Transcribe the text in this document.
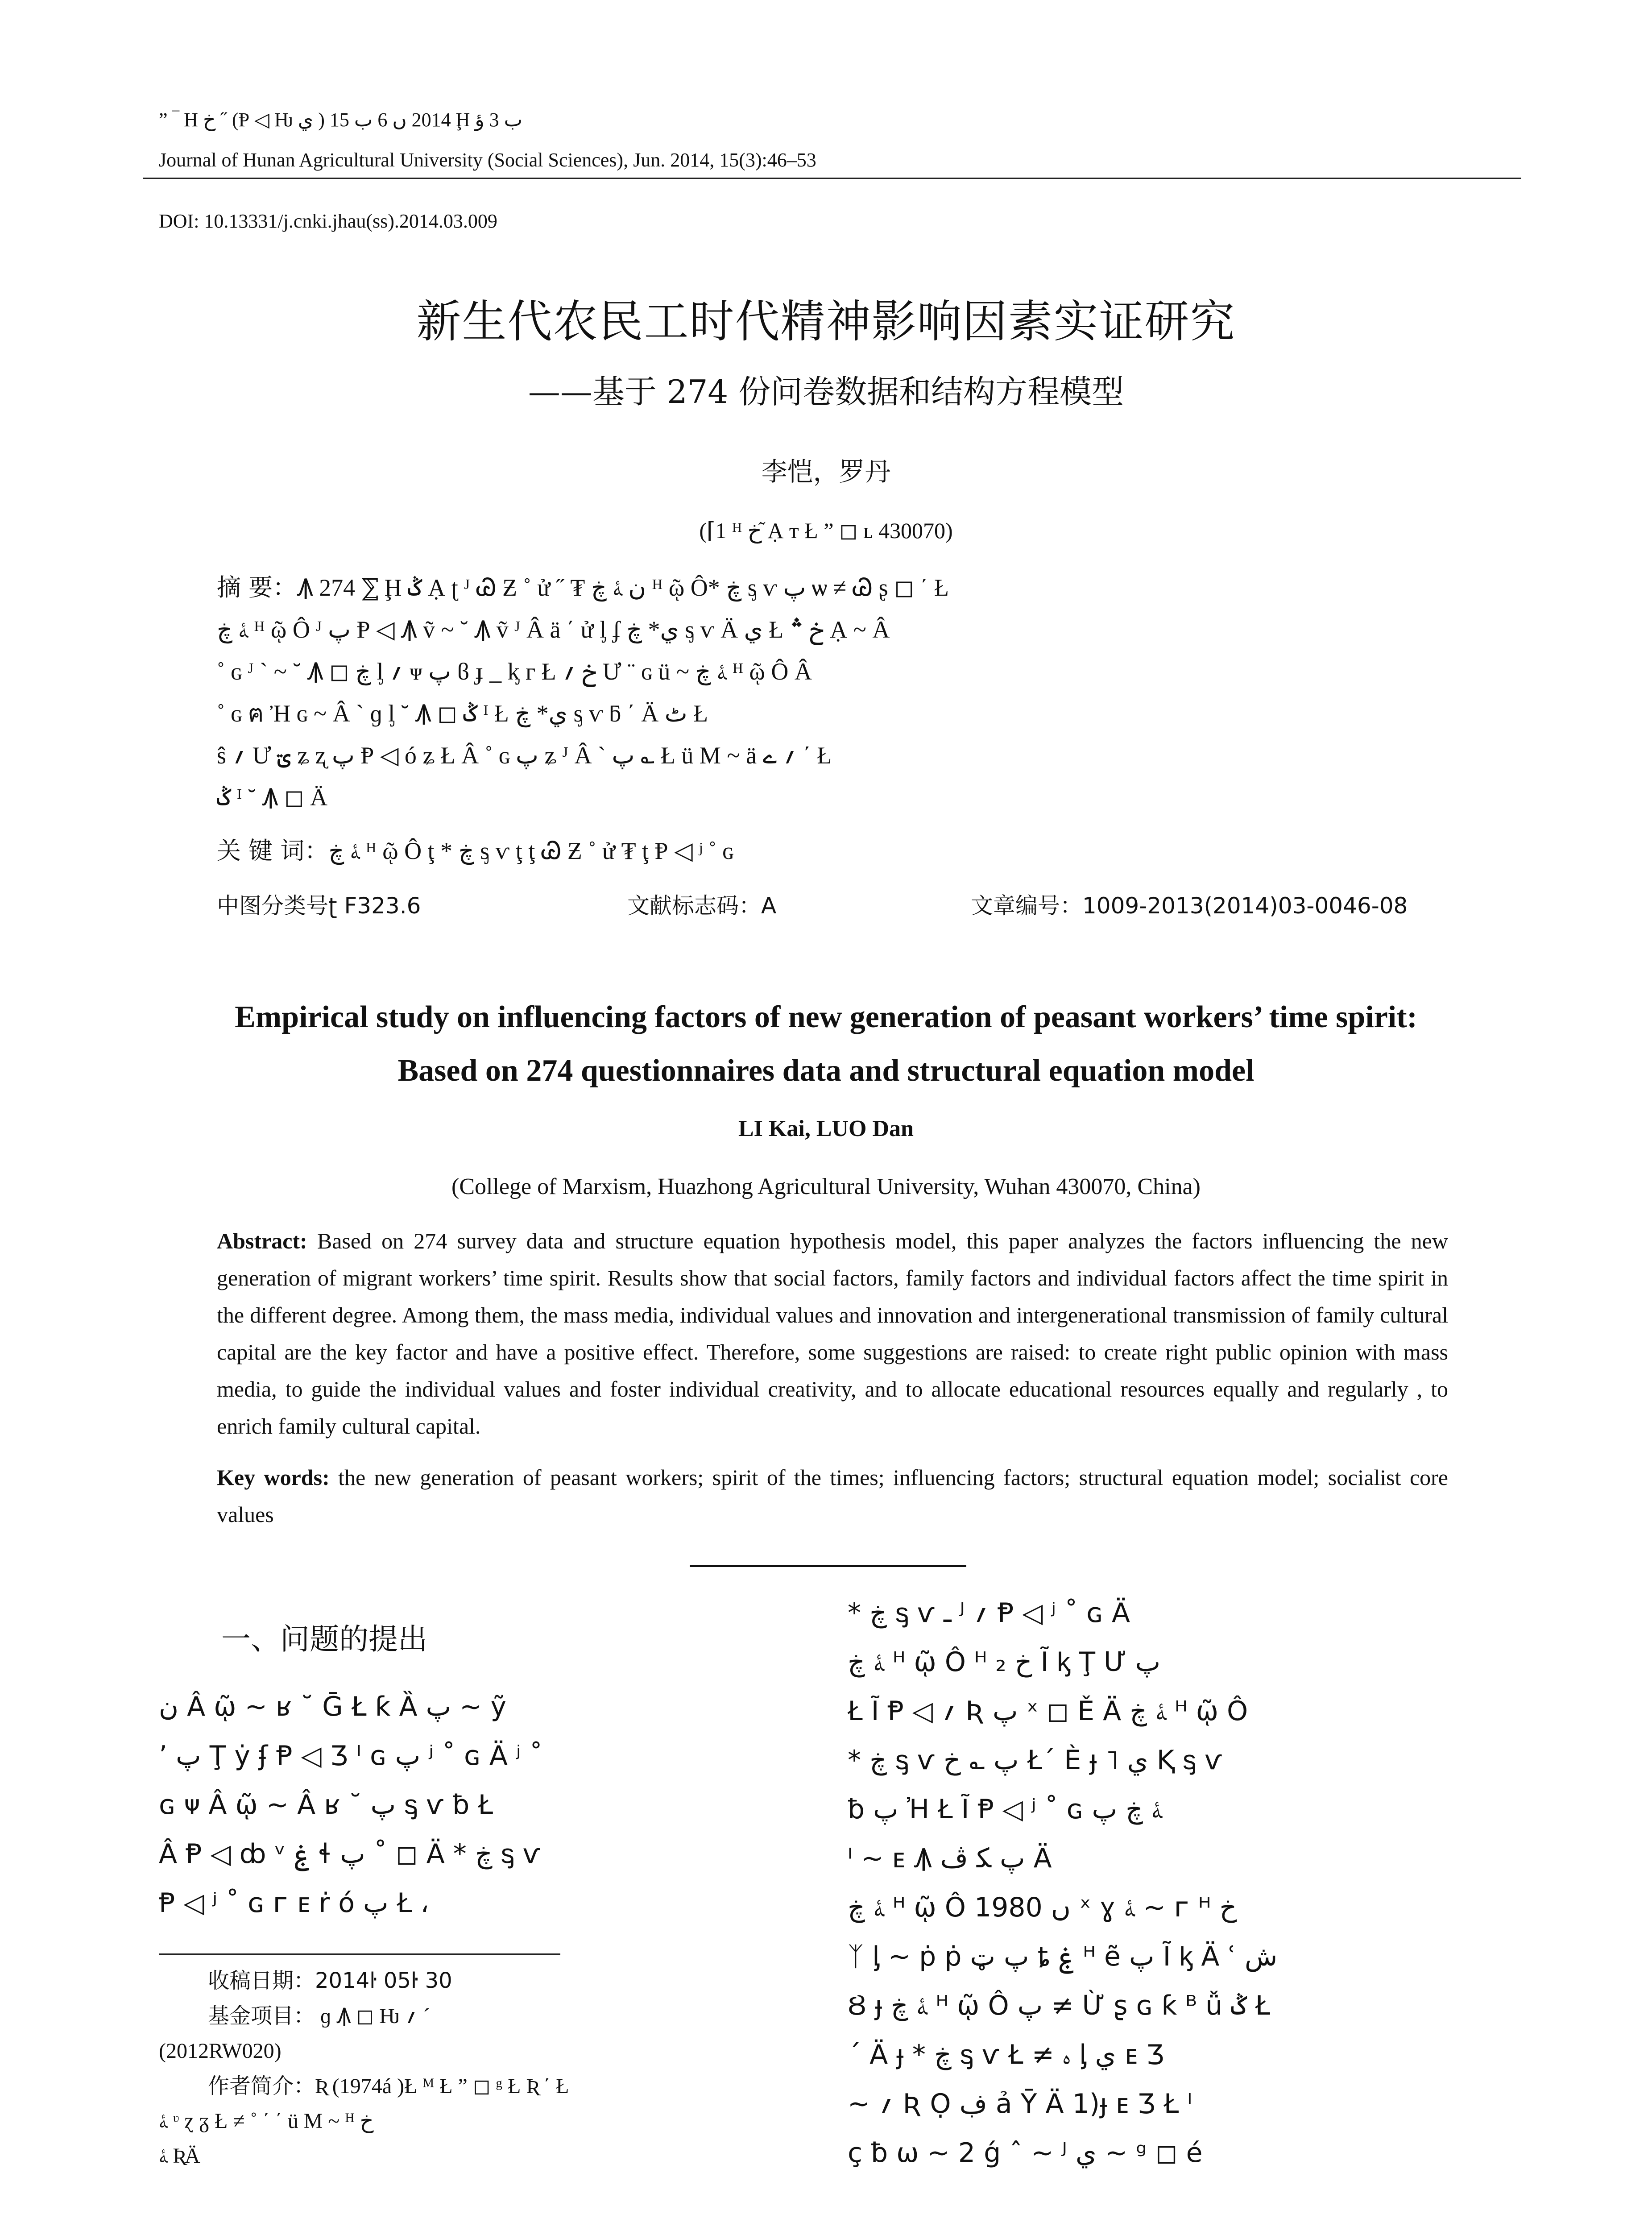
” ‾ H خ ˝ (Ᵽ ◁ Ƕ ي ) 2014 ں 6 ب 15 Ḩ ب 3 ؤ
Journal of Hunan Agricultural University (Social Sciences), Jun. 2014, 15(3):46–53
DOI: 10.13331/j.cnki.jhau(ss).2014.03.009
新生代农民工时代精神影响因素实证研究
——基于 274 份问卷数据和结构方程模型
李恺，罗丹
(⌈1 ᴴ خ ᷉Ạ ᴛ Ł ” ◻ ʟ 430070)
摘 要：Ꙟ 274 ⅀ Ḩ ݣ Ạ ʈ ᴶ Ꮚ Ƶ ˚ ử ˝ ₮ ن ﮥ ڿ ᴴ ῷ Ô* ڿ ᶊ ѵ پ ѡ ≠ Ꮚ ʂ ◻ ΄ Ł
ﮥ ڿ ᴴ ῷ Ô ᴶ پ Ᵽ ◁ Ꙟ ṽ ~ ˘ Ꙟ ṽ ᴶ Â ä ΄ ử ᶅ ʄ ي* ڿ ᶊ ѵ Ä ي Ł خ ؞ Ạ ~ Â
˚ ɢ ᴶ ˋ ~ ˘ Ꙟ ◻ ڿ ᶅ ؍ ᴪ پ ϐ ɟ _ ᶄ ᴦ Ł خ ؍ Ư ¨ ɢ ü ~ ﮥ ڿ ᴴ ῷ Ô Â
˚ ɢ ฅ Ἠ ɢ ~ Â ˋ ɡ ᶅ ˘ Ꙟ ◻ ݣ ᴵ Ł ي* ڿ ᶊ ѵ ƃ ΄ Ä ٹ Ł
ŝ ؍ Ư ؾ ʑ ʐ پ Ᵽ ◁ ó ʑ Ł Â ˚ ɢ پ ʑ ᴶ Â ˋ پ ؎ Ł ü M ~ ä ؍ ے ΄ Ł
ݣ ᴵ ˘ Ꙟ ◻ Ä
关 键 词：ﮥ ڿ ᴴ ῷ Ô ţ * ڿ ᶊ ѵ ţ ţ Ꮚ Ƶ ˚ ử ₮ ţ Ᵽ ◁ ʲ ˚ ɢ
中图分类号ʈ F323.6	文献标志码：A	文章编号：1009-2013(2014)03-0046-08
Empirical study on influencing factors of new generation of peasant workers’ time spirit:
Based on 274 questionnaires data and structural equation model
LI Kai, LUO Dan
(College of Marxism, Huazhong Agricultural University, Wuhan 430070, China)
Abstract: Based on 274 survey data and structure equation hypothesis model, this paper analyzes the factors influencing the new generation of migrant workers’ time spirit. Results show that social factors, family factors and individual factors affect the time spirit in the different degree. Among them, the mass media, individual values and innovation and intergenerational transmission of family cultural capital are the key factor and have a positive effect. Therefore, some suggestions are raised: to create right public opinion with mass media, to guide the individual values and foster individual creativity, and to allocate educational resources equally and regularly , to enrich family cultural capital.
Key words: the new generation of peasant workers; spirit of the times; influencing factors; structural equation model; socialist core values
一、问题的提出
ن Â ῷ ~ ʁ ˘ Ḡ Ł ƙ Ȁ پ ~ ỹ
’ پ Ţ ẏ ʄ Ᵽ ◁ Ʒ ᴵ ɢ پ ʲ ˚ ɢ Ä ʲ ˚
ɢ ᴪ Â ῷ ~ Â ʁ ˘ پ ᶊ ѵ ƀ Ł
Â Ᵽ ◁ ȸ ᵛ ۼ ɬ پ ˚ ◻ Ä * ڿ ᶊ ѵ
Ᵽ ◁ ʲ ˚ ɢ ᴦ ᴇ ṙ ó پ Ł ،
收稿日期：2014ŀ 05ŀ 30
基金项目： ɡ Ꙟ ◻ Ƕ ؍ ˊ
(2012RW020)
作者简介：Ʀ (1974á )Ł ᴹ Ł ” ◻ ᵍ Ł Ʀ ΄ Ł
ﮥ ᶹ ɀ ᵹ Ł ≠ ˚ ΄ ΄ ü M ~ ᴴ خ
ﮥ ƦÄ
* ڿ ᶊ ѵ ـ ᴶ ؍ Ᵽ ◁ ʲ ˚ ɢ Ä
ﮥ ڿ ᴴ ῷ Ô ᴴ خ ₂ Ĩ ᶄ Ţ Ư پ
Ł Ĩ Ᵽ ◁ ؍ Ʀ پ ˣ ◻ Ě Ä ﮥ ڿ ᴴ ῷ Ô
* ڿ ᶊ ѵ پ ؎ خ Ł΄ È ɟ ˥ ي Ⱪ ᶊ ѵ
ƀ پ Ἠ Ł Ĩ Ᵽ ◁ ʲ ˚ ɢ ﮥ ڿ پ
ᴵ ~ ᴇ Ꙟ پ ﮑ ڤ Ä
ﮥ ڿ ᴴ ῷ Ô 1980 ں ˣ ɣ ﮥ ~ ᴦ ᴴ خ
ᛉ ᶅ ~ ṗ ṗ پ ټ ȶ ۼ ᴴ ẽ پ Ĩ ᶄ Ä ʿ ش
Ȣ ɟ ﮥ ڿ ᴴ ῷ Ô پ ≠ Ừ ʂ ɢ ƙ ᴮ ǚ ݣ Ł
΄ Ä ɟ * ڿ ᶊ ѵ Ł ≠ ﮦ ᶅ ي ᴇ Ʒ
~ ؍ Ʀ Ọ ڣ ả Ῡ Ä 1)ɟ ᴇ Ʒ Ł ᴵ
ç ƀ ѡ ~ 2 ǵ ˆ ~ ᴶ ي ~ ᵍ ◻ é
